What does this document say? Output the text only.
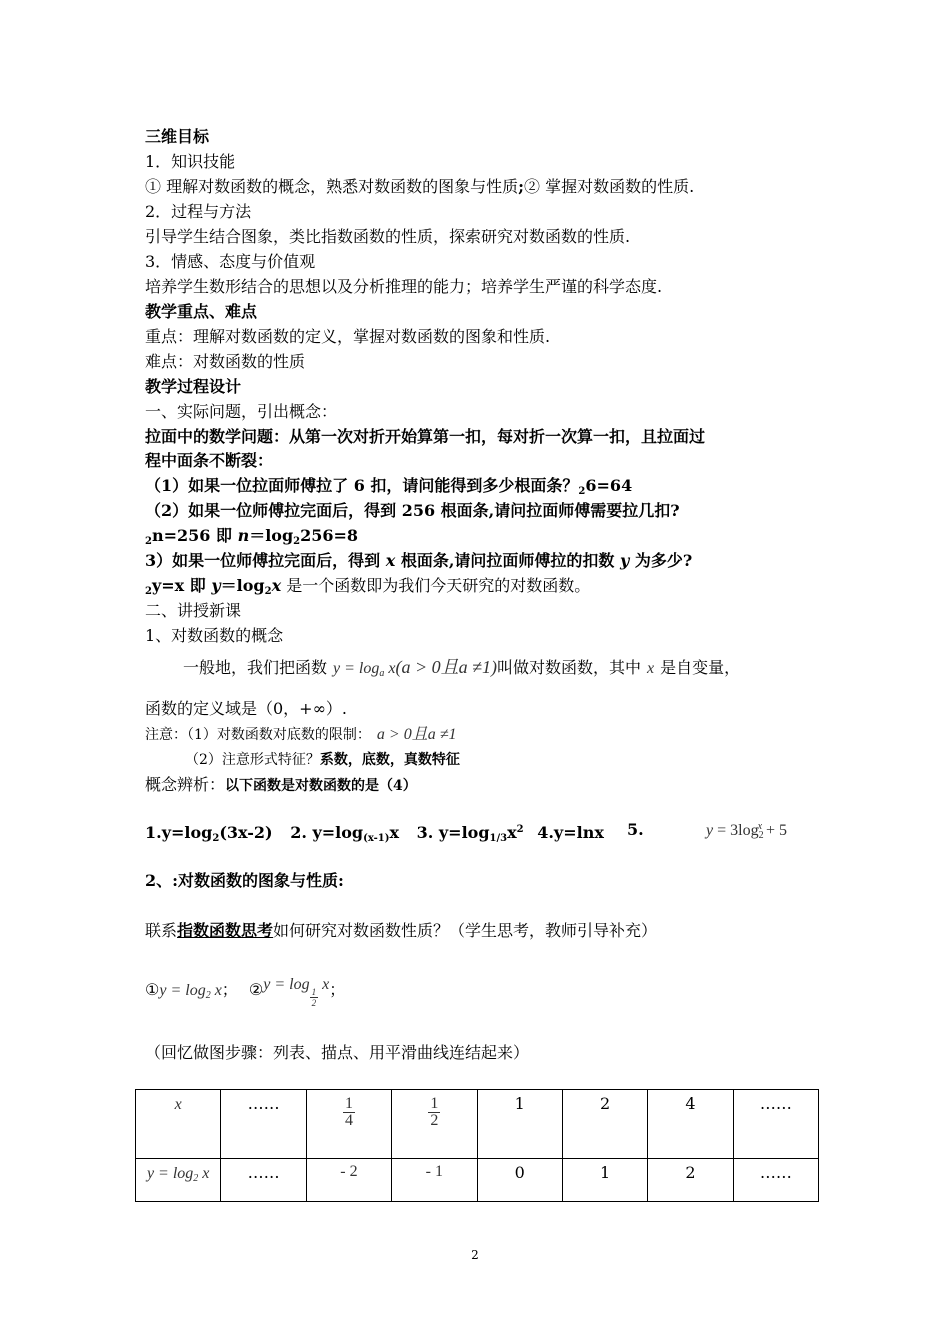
三维目标
1．知识技能
① 理解对数函数的概念，熟悉对数函数的图象与性质;② 掌握对数函数的性质.
2．过程与方法
引导学生结合图象，类比指数函数的性质，探索研究对数函数的性质.
3．情感、态度与价值观
培养学生数形结合的思想以及分析推理的能力；培养学生严谨的科学态度.
教学重点、难点
重点：理解对数函数的定义，掌握对数函数的图象和性质.
难点：对数函数的性质
教学过程设计
一、实际问题，引出概念：
拉面中的数学问题：从第一次对折开始算第一扣，每对折一次算一扣，且拉面过
程中面条不断裂：
（1）如果一位拉面师傅拉了 6 扣，请问能得到多少根面条？$_2$6=64
（2）如果一位师傅拉完面后，得到 256 根面条,请问拉面师傅需要拉几扣?
$_2$n=256 即 $n=\log_2256=8$
3）如果一位师傅拉完面后，得到 x 根面条,请问拉面师傅拉的扣数 y 为多少?
$_2$y=x 即 $y=\log_2x$ 是一个函数即为我们今天研究的对数函数。
二、讲授新课
1、对数函数的概念
一般地，我们把函数 $y = \log_a x(a > 0$且a ≠1)叫做对数函数，其中 x 是自变量，
函数的定义域是（0，+∞）.
注意：（1）对数函数对底数的限制： a > 0且a ≠1
（2）注意形式特征？系数，底数，真数特征
概念辨析：以下函数是对数函数的是（4）
$1.y=\log_2(3x-2)$ 2. $y=\log_{(x-1)}x$ 3. $y=\log_{1/3}x^2$ 4.y=lnx 5.	$y = 3\log_2^x + 5$
2、:对数函数的图象与性质:
联系指数函数思考如何研究对数函数性质？（学生思考，教师引导补充）
①y = $\log_2 x$； ②y = log
$\frac{1}{2}$
x；
（回忆做图步骤：列表、描点、用平滑曲线连结起来）
x	……	$\frac{1}{4}$	$\frac{1}{2}$	1	2	4	……
$y = \log_2 x$	……	- 2	- 1	0	1	2	……
2
